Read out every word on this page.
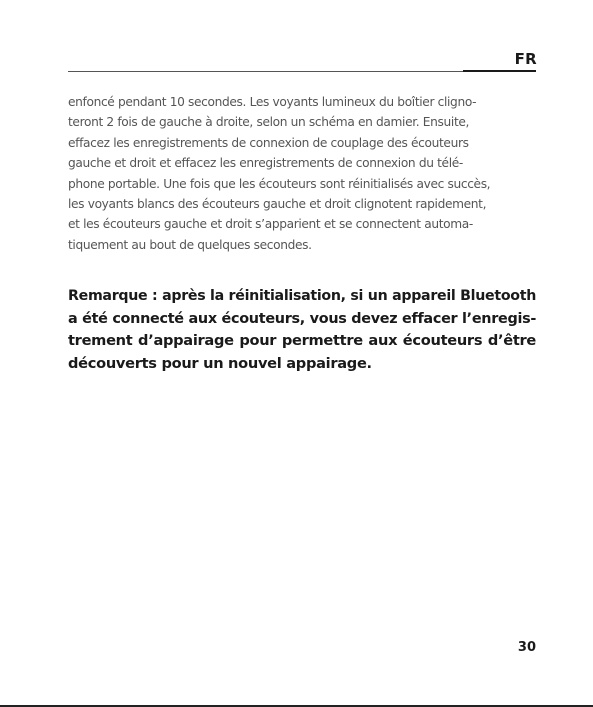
FR
enfoncé pendant 10 secondes. Les voyants lumineux du boîtier cligno-
teront 2 fois de gauche à droite, selon un schéma en damier. Ensuite,
effacez les enregistrements de connexion de couplage des écouteurs
gauche et droit et effacez les enregistrements de connexion du télé-
phone portable. Une fois que les écouteurs sont réinitialisés avec succès,
les voyants blancs des écouteurs gauche et droit clignotent rapidement,
et les écouteurs gauche et droit s’apparient et se connectent automa-
tiquement au bout de quelques secondes.
Remarque : après la réinitialisation, si un appareil Bluetooth
a été connecté aux écouteurs, vous devez effacer l’enregis-
trement d’appairage pour permettre aux écouteurs d’être
découverts pour un nouvel appairage.
30
